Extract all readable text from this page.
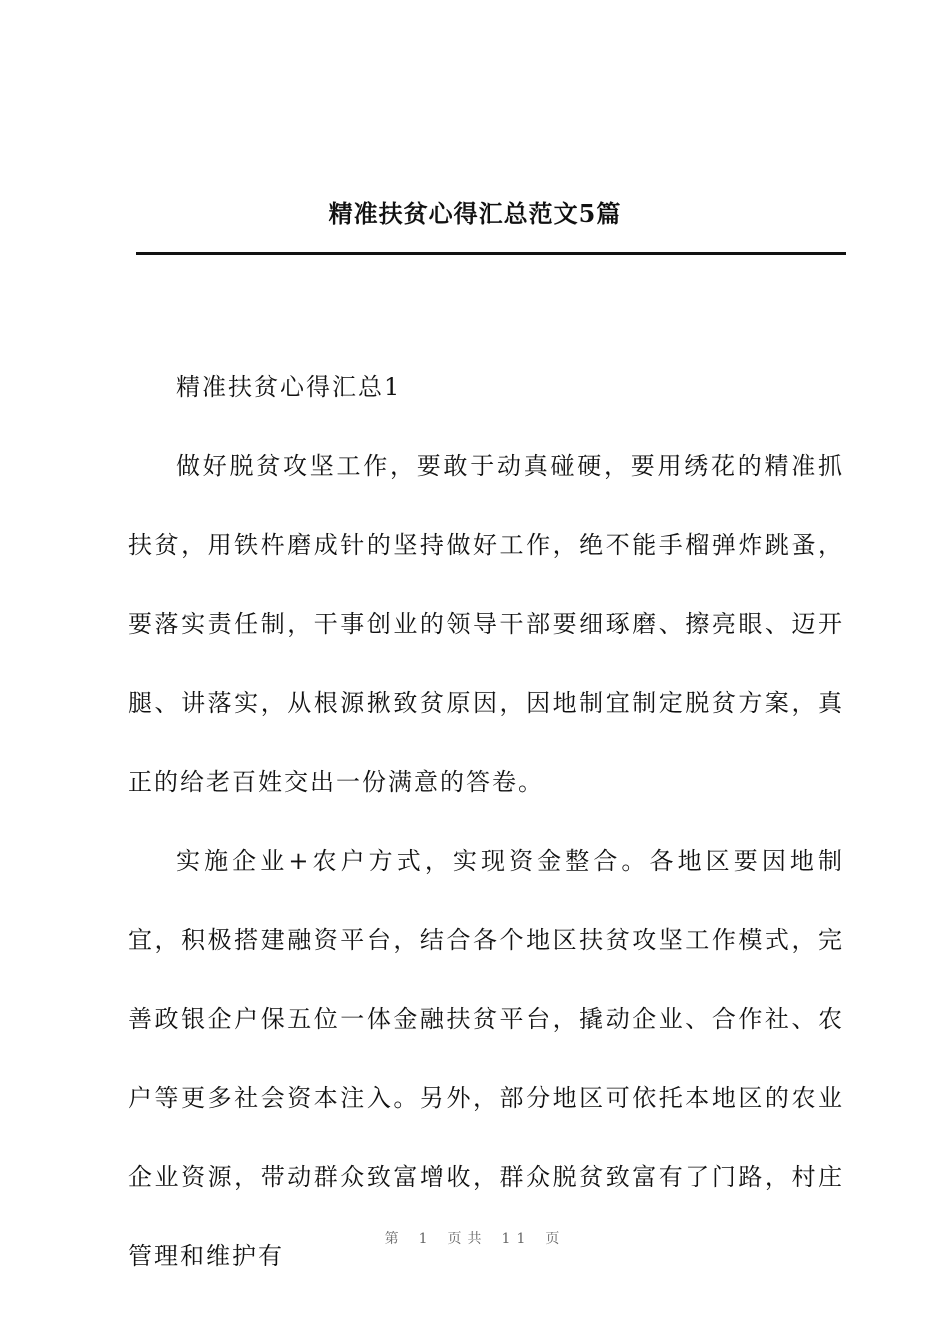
精准扶贫心得汇总范文5篇

精准扶贫心得汇总1

做好脱贫攻坚工作，要敢于动真碰硬，要用绣花的精准抓扶贫，用铁杵磨成针的坚持做好工作，绝不能手榴弹炸跳蚤，要落实责任制，干事创业的领导干部要细琢磨、擦亮眼、迈开腿、讲落实，从根源揪致贫原因，因地制宜制定脱贫方案，真正的给老百姓交出一份满意的答卷。

实施企业+农户方式，实现资金整合。各地区要因地制宜，积极搭建融资平台，结合各个地区扶贫攻坚工作模式，完善政银企户保五位一体金融扶贫平台，撬动企业、合作社、农户等更多社会资本注入。另外，部分地区可依托本地区的农业企业资源，带动群众致富增收，群众脱贫致富有了门路，村庄管理和维护有

第 1 页共 11 页
